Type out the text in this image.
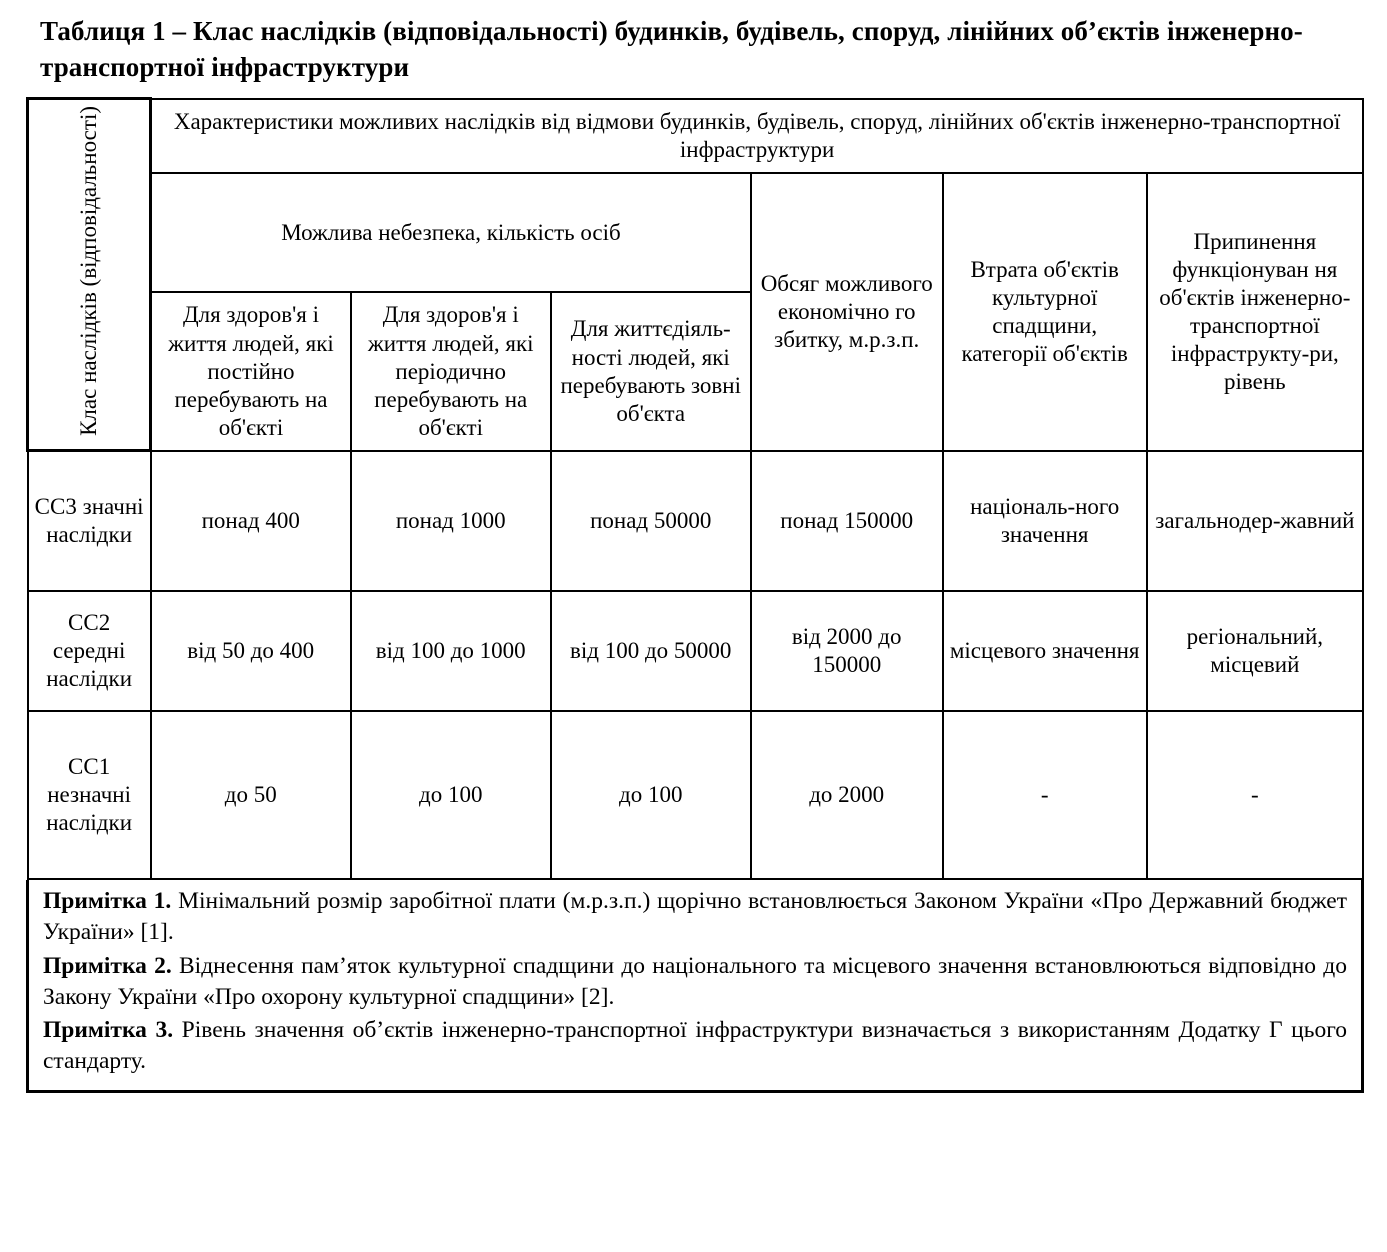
Таблиця 1 – Клас наслідків (відповідальності) будинків, будівель, споруд, лінійних об’єктів інженерно-транспортної інфраструктури
Клас наслідків (відповідальності)	Характеристики можливих наслідків від відмови будинків, будівель, споруд, лінійних об'єктів інженерно-транспортної інфраструктури					
	Можлива небезпека, кількість осіб			Обсяг можливого економічно го збитку, м.р.з.п.	Втрата об'єктів культурної спадщини, категорії об'єктів	Припинення функціонуван ня об'єктів інженерно-транспортної інфраструкту-ри, рівень
	Для здоров'я і життя людей, які постійно перебувають на об'єкті	Для здоров'я і життя людей, які періодично перебувають на об'єкті	Для життєдіяль-ності людей, які перебувають зовні об'єкта			
СС3 значні наслідки	понад 400	понад 1000	понад 50000	понад 150000	національ-ного значення	загальнодер-жавний
СС2 середні наслідки	від 50 до 400	від 100 до 1000	від 100 до 50000	від 2000 до 150000	місцевого значення	регіональний, місцевий
СС1 незначні наслідки	до 50	до 100	до 100	до 2000	-	-

Примітка 1. Мінімальний розмір заробітної плати (м.р.з.п.) щорічно встановлюється Законом України «Про Державний бюджет України» [1].

Примітка 2. Віднесення пам’яток культурної спадщини до національного та місцевого значення встановлюються відповідно до Закону України «Про охорону культурної спадщини» [2].

Примітка 3. Рівень значення об’єктів інженерно-транспортної інфраструктури визначається з використанням Додатку Г цього стандарту.
